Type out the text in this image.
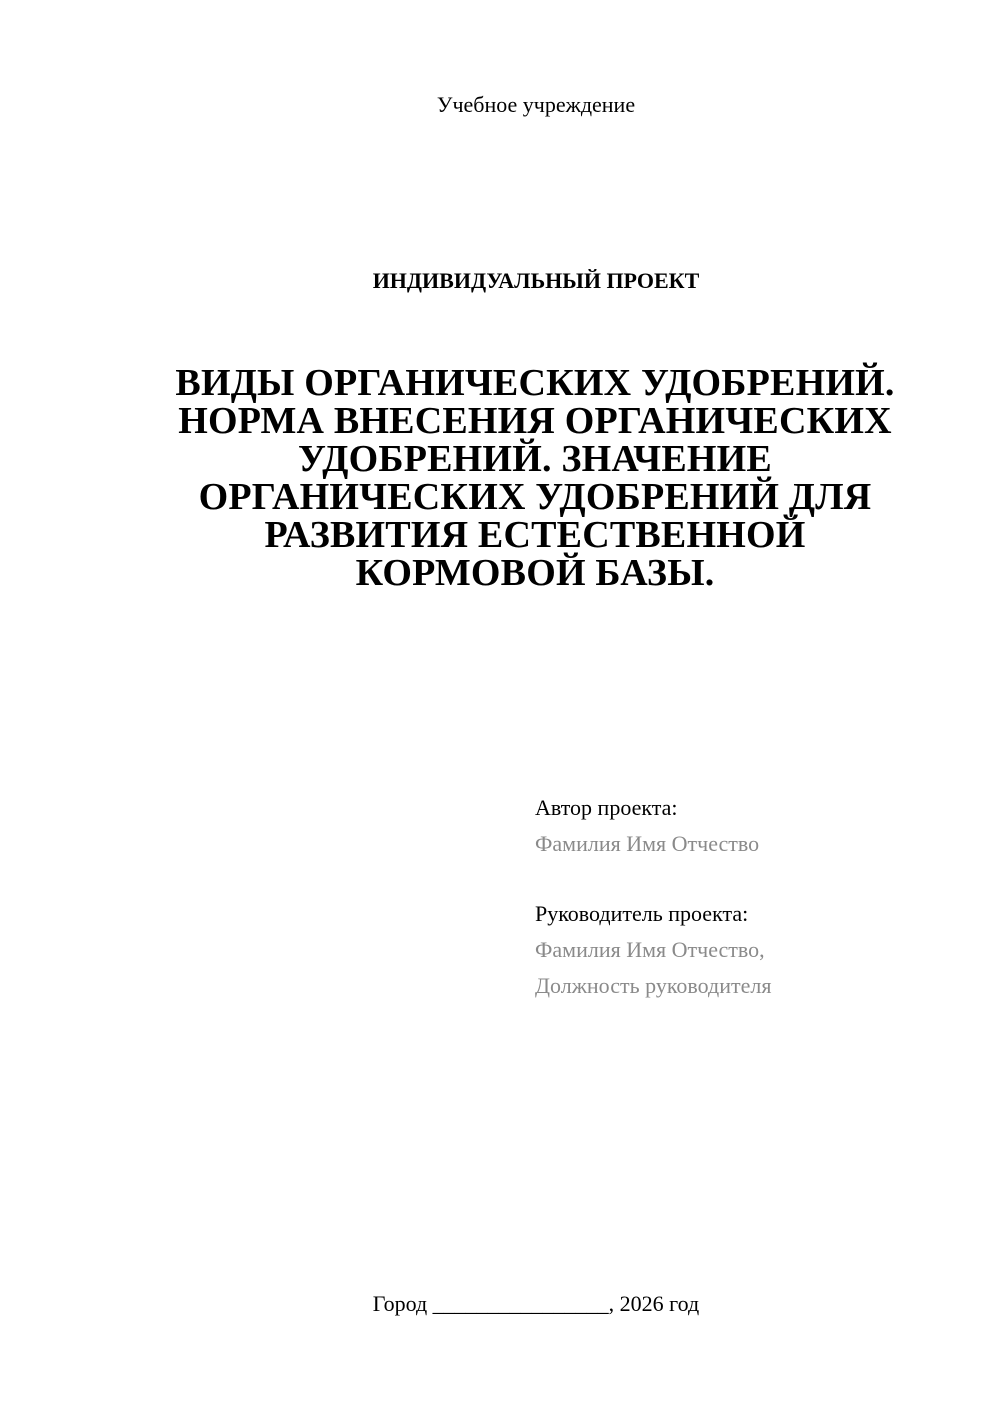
Учебное учреждение
ИНДИВИДУАЛЬНЫЙ ПРОЕКТ
ВИДЫ ОРГАНИЧЕСКИХ УДОБРЕНИЙ.
НОРМА ВНЕСЕНИЯ ОРГАНИЧЕСКИХ
УДОБРЕНИЙ. ЗНАЧЕНИЕ
ОРГАНИЧЕСКИХ УДОБРЕНИЙ ДЛЯ
РАЗВИТИЯ ЕСТЕСТВЕННОЙ
КОРМОВОЙ БАЗЫ.
Автор проекта:
Фамилия Имя Отчество
Руководитель проекта:
Фамилия Имя Отчество,
Должность руководителя
Город ________________, 2026 год
